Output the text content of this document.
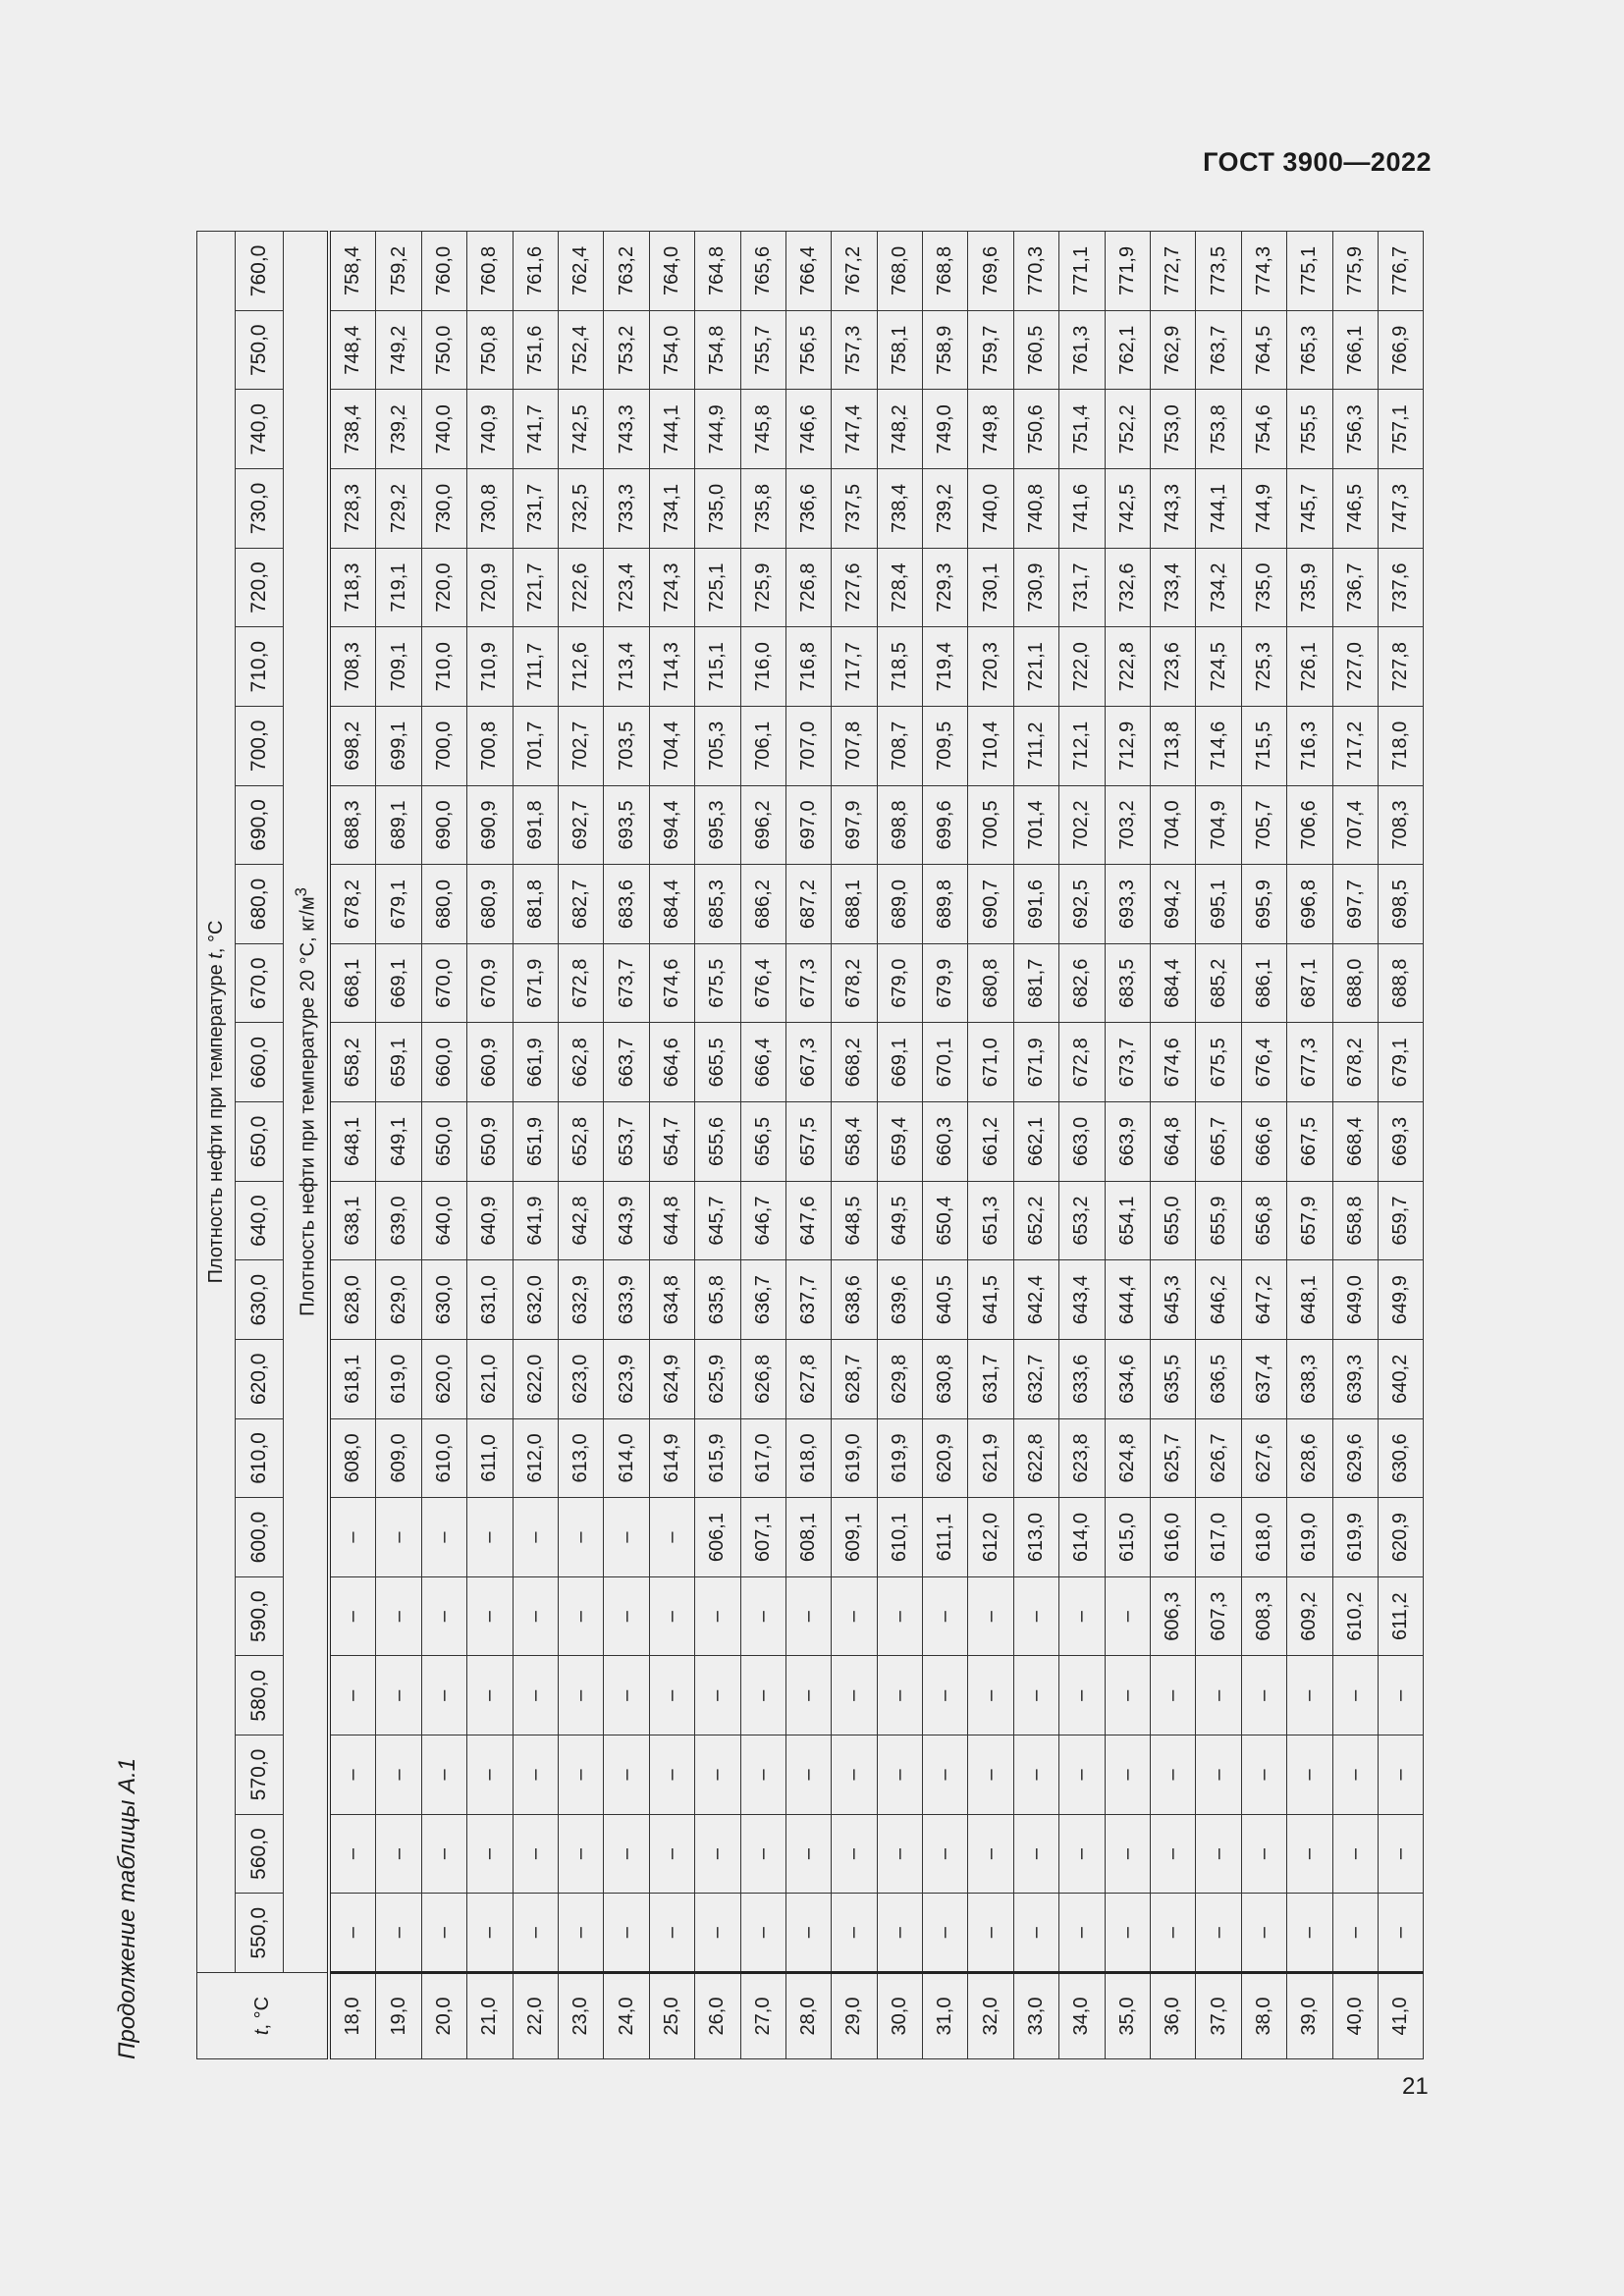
ГОСТ 3900—2022
21
Продолжение таблицы А.1	t, °C	Плотность нефти при температуре t, °C																					
	550,0	560,0	570,0	580,0	590,0	600,0	610,0	620,0	630,0	640,0	650,0	660,0	670,0	680,0	690,0	700,0	710,0	720,0	730,0	740,0	750,0	760,0
	Плотность нефти при температуре 20 °С, $кг/м^3$
18,0	–	–	–	–	–	–	608,0	618,1	628,0	638,1	648,1	658,2	668,1	678,2	688,3	698,2	708,3	718,3	728,3	738,4	748,4	758,4
19,0	–	–	–	–	–	–	609,0	619,0	629,0	639,0	649,1	659,1	669,1	679,1	689,1	699,1	709,1	719,1	729,2	739,2	749,2	759,2
20,0	–	–	–	–	–	–	610,0	620,0	630,0	640,0	650,0	660,0	670,0	680,0	690,0	700,0	710,0	720,0	730,0	740,0	750,0	760,0
21,0	–	–	–	–	–	–	611,0	621,0	631,0	640,9	650,9	660,9	670,9	680,9	690,9	700,8	710,9	720,9	730,8	740,9	750,8	760,8
22,0	–	–	–	–	–	–	612,0	622,0	632,0	641,9	651,9	661,9	671,9	681,8	691,8	701,7	711,7	721,7	731,7	741,7	751,6	761,6
23,0	–	–	–	–	–	–	613,0	623,0	632,9	642,8	652,8	662,8	672,8	682,7	692,7	702,7	712,6	722,6	732,5	742,5	752,4	762,4
24,0	–	–	–	–	–	–	614,0	623,9	633,9	643,9	653,7	663,7	673,7	683,6	693,5	703,5	713,4	723,4	733,3	743,3	753,2	763,2
25,0	–	–	–	–	–	–	614,9	624,9	634,8	644,8	654,7	664,6	674,6	684,4	694,4	704,4	714,3	724,3	734,1	744,1	754,0	764,0
26,0	–	–	–	–	–	606,1	615,9	625,9	635,8	645,7	655,6	665,5	675,5	685,3	695,3	705,3	715,1	725,1	735,0	744,9	754,8	764,8
27,0	–	–	–	–	–	607,1	617,0	626,8	636,7	646,7	656,5	666,4	676,4	686,2	696,2	706,1	716,0	725,9	735,8	745,8	755,7	765,6
28,0	–	–	–	–	–	608,1	618,0	627,8	637,7	647,6	657,5	667,3	677,3	687,2	697,0	707,0	716,8	726,8	736,6	746,6	756,5	766,4
29,0	–	–	–	–	–	609,1	619,0	628,7	638,6	648,5	658,4	668,2	678,2	688,1	697,9	707,8	717,7	727,6	737,5	747,4	757,3	767,2
30,0	–	–	–	–	–	610,1	619,9	629,8	639,6	649,5	659,4	669,1	679,0	689,0	698,8	708,7	718,5	728,4	738,4	748,2	758,1	768,0
31,0	–	–	–	–	–	611,1	620,9	630,8	640,5	650,4	660,3	670,1	679,9	689,8	699,6	709,5	719,4	729,3	739,2	749,0	758,9	768,8
32,0	–	–	–	–	–	612,0	621,9	631,7	641,5	651,3	661,2	671,0	680,8	690,7	700,5	710,4	720,3	730,1	740,0	749,8	759,7	769,6
33,0	–	–	–	–	–	613,0	622,8	632,7	642,4	652,2	662,1	671,9	681,7	691,6	701,4	711,2	721,1	730,9	740,8	750,6	760,5	770,3
34,0	–	–	–	–	–	614,0	623,8	633,6	643,4	653,2	663,0	672,8	682,6	692,5	702,2	712,1	722,0	731,7	741,6	751,4	761,3	771,1
35,0	–	–	–	–	–	615,0	624,8	634,6	644,4	654,1	663,9	673,7	683,5	693,3	703,2	712,9	722,8	732,6	742,5	752,2	762,1	771,9
36,0	–	–	–	–	606,3	616,0	625,7	635,5	645,3	655,0	664,8	674,6	684,4	694,2	704,0	713,8	723,6	733,4	743,3	753,0	762,9	772,7
37,0	–	–	–	–	607,3	617,0	626,7	636,5	646,2	655,9	665,7	675,5	685,2	695,1	704,9	714,6	724,5	734,2	744,1	753,8	763,7	773,5
38,0	–	–	–	–	608,3	618,0	627,6	637,4	647,2	656,8	666,6	676,4	686,1	695,9	705,7	715,5	725,3	735,0	744,9	754,6	764,5	774,3
39,0	–	–	–	–	609,2	619,0	628,6	638,3	648,1	657,9	667,5	677,3	687,1	696,8	706,6	716,3	726,1	735,9	745,7	755,5	765,3	775,1
40,0	–	–	–	–	610,2	619,9	629,6	639,3	649,0	658,8	668,4	678,2	688,0	697,7	707,4	717,2	727,0	736,7	746,5	756,3	766,1	775,9
41,0	–	–	–	–	611,2	620,9	630,6	640,2	649,9	659,7	669,3	679,1	688,8	698,5	708,3	718,0	727,8	737,6	747,3	757,1	766,9	776,7
